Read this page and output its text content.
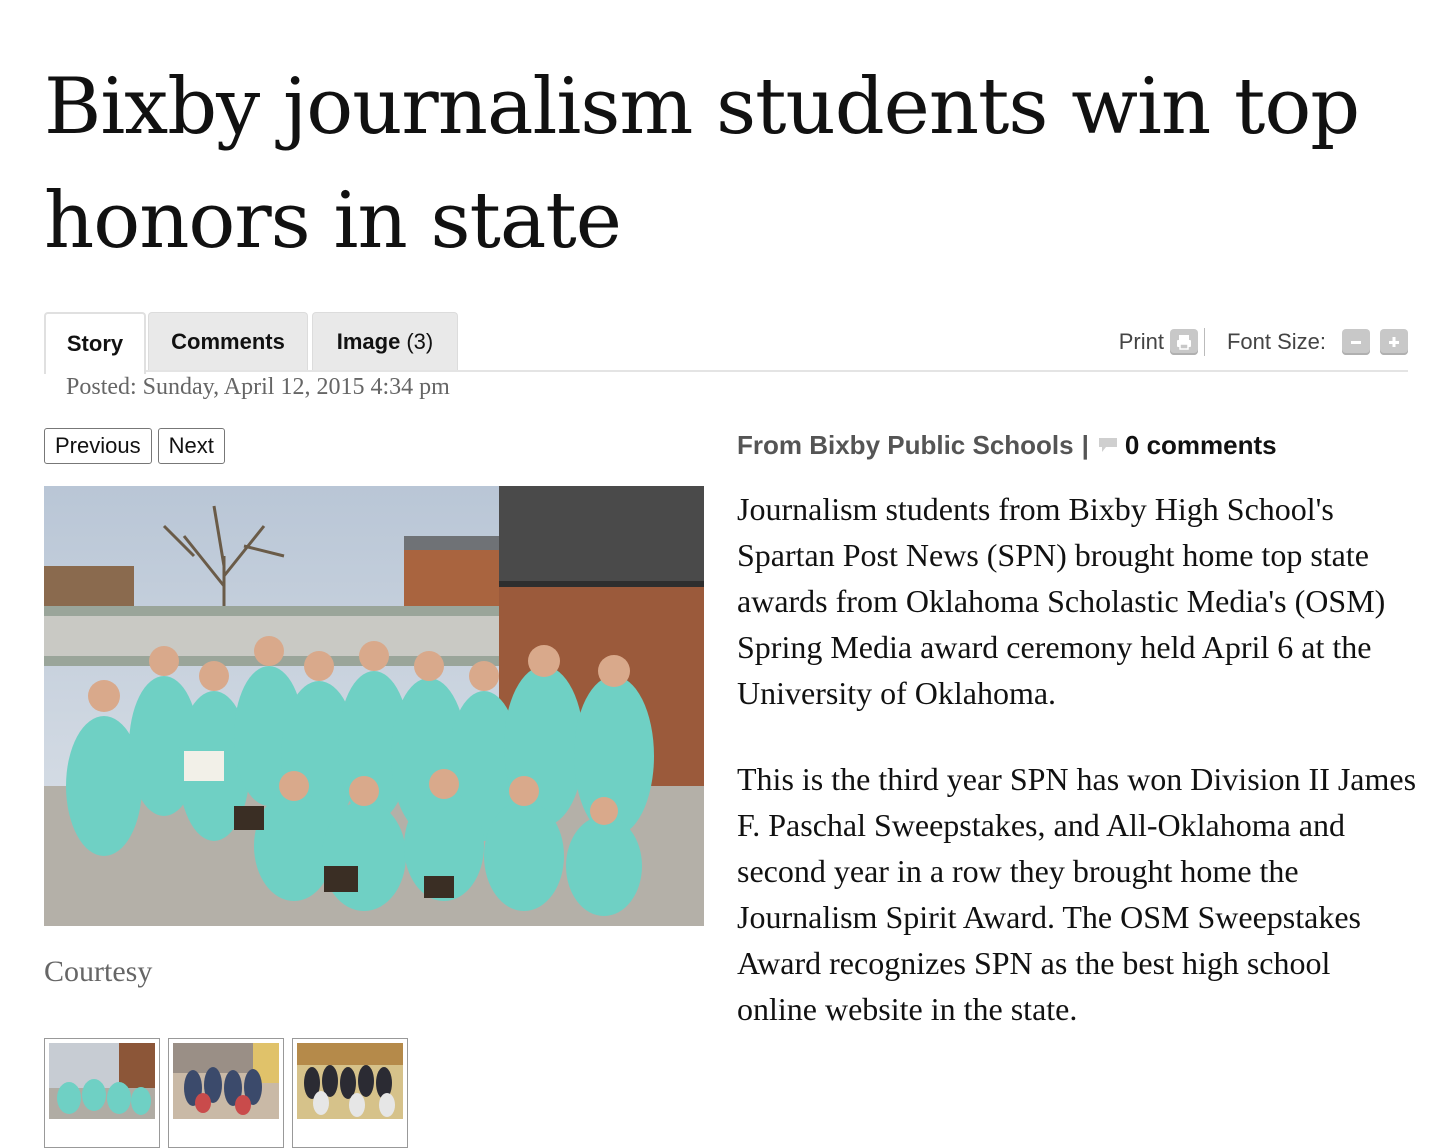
Bixby journalism students win top honors in state
Story Comments Image (3)	Print	Font Size:
Posted: Sunday, April 12, 2015 4:34 pm
Previous	Next
Courtesy
From Bixby Public Schools | 0 comments

Journalism students from Bixby High School's Spartan Post News (SPN) brought home top state awards from Oklahoma Scholastic Media's (OSM) Spring Media award ceremony held April 6 at the University of Oklahoma.

This is the third year SPN has won Division II James F. Paschal Sweepstakes, and All-Oklahoma and second year in a row they brought home the Journalism Spirit Award. The OSM Sweepstakes Award recognizes SPN as the best high school online website in the state.
